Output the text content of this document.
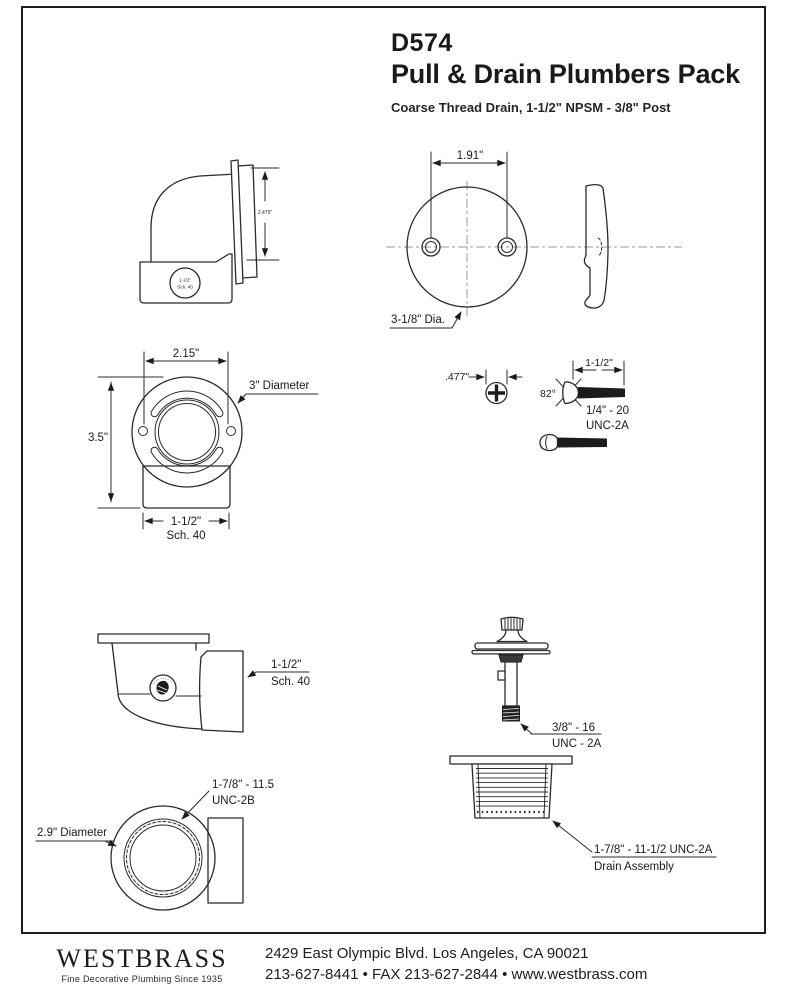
D574
Pull & Drain Plumbers Pack
Coarse Thread Drain, 1-1/2" NPSM - 3/8" Post
1-1/2"
Sch. 40
2.475"
1.91"
3-1/8" Dia.
2.15"
3.5"
3" Diameter
1-1/2"
Sch. 40
.477"
82°
1-1/2"
1/4" - 20
UNC-2A
1-1/2"
Sch. 40
1-7/8" - 11.5
UNC-2B
2.9" Diameter
3/8" - 16
UNC - 2A
1-7/8" - 11-1/2 UNC-2A
Drain Assembly
WESTBRASS
Fine Decorative Plumbing Since 1935
2429 East Olympic Blvd. Los Angeles, CA 90021
213-627-8441 • FAX 213-627-2844 • www.westbrass.com
